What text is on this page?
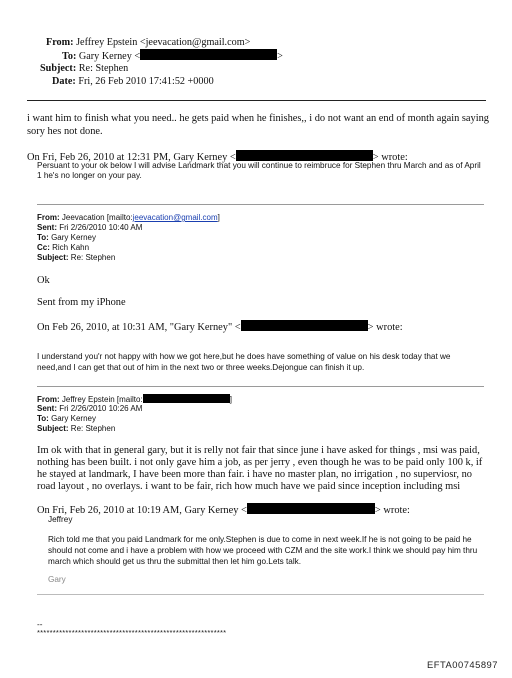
From: Jeffrey Epstein <jeevacation@gmail.com>
To: Gary Kerney <	>
Subject: Re: Stephen
Date: Fri, 26 Feb 2010 17:41:52 +0000
i want him to finish what you need.. he gets paid when he finishes,, i do not want an end of month again saying
sory hes not done.
On Fri, Feb 26, 2010 at 12:31 PM, Gary Kerney <	> wrote:
Persuant to your ok below I will advise Landmark that you will continue to reimbruce for Stephen thru March and as of April
1 he's no longer on your pay.
From: Jeevacation [mailto:jeevacation@gmail.com]
Sent: Fri 2/26/2010 10:40 AM
To: Gary Kerney
Cc: Rich Kahn
Subject: Re: Stephen
Ok
Sent from my iPhone
On Feb 26, 2010, at 10:31 AM, "Gary Kerney" <	> wrote:
I understand you'r not happy with how we got here,but he does have something of value on his desk today that we
need,and I can get that out of him in the next two or three weeks.Dejongue can finish it up.
From: Jeffrey Epstein [mailto:	]
Sent: Fri 2/26/2010 10:26 AM
To: Gary Kerney
Subject: Re: Stephen
Im ok with that in general gary, but it is relly not fair that since june i have asked for things , msi was paid,
nothing has been built. i not only gave him a job, as per jerry , even though he was to be paid only 100 k, if
he stayed at landmark, I have been more than fair. i have no master plan, no irrigation , no superviosr, no
road layout , no overlays. i want to be fair, rich how much have we paid since inception including msi
On Fri, Feb 26, 2010 at 10:19 AM, Gary Kerney <	> wrote:
Jeffrey
Rich told me that you paid Landmark for me only.Stephen is due to come in next week.If he is not going to be paid he
should not come and i have a problem with how we proceed with CZM and the site work.I think we should pay him thru
march which should get us thru the submittal then let him go.Lets talk.
Gary
--
************************************************************
EFTA00745897
